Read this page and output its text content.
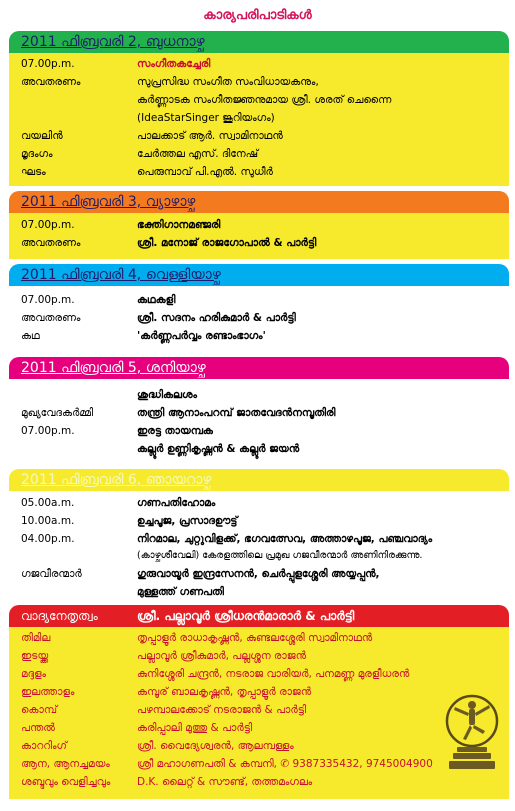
കാര്യപരിപാടികൾ
2011 ഫിബ്രവരി 2, ബുധനാഴ്ച
07.00p.m.	സംഗീതകച്ചേരി
അവതരണം	സുപ്രസിദ്ധ സംഗീത സംവിധായകനും,
കർണ്ണാടക സംഗീതജ്ഞനുമായ ശ്രീ. ശരത് ചെന്നൈ
(IdeaStarSinger ജൂറിയംഗം)
വയലിൻ	പാലക്കാട് ആർ. സ്വാമിനാഥൻ
മൃദംഗം	ചേർത്തല എസ്. ദിനേഷ്
ഘടം	പെരുമ്പാവ് പി.എൽ. സുധീർ
2011 ഫിബ്രവരി 3, വ്യാഴാഴ്ച
07.00p.m.	ഭക്തിഗാനമഞ്ജരി
അവതരണം	ശ്രീ. മനോജ് രാജഗോപാൽ & പാർട്ടി
2011 ഫിബ്രവരി 4, വെള്ളിയാഴ്ച
07.00p.m.	കഥകളി
അവതരണം	ശ്രീ. സദനം ഹരികുമാർ & പാർട്ടി
കഥ	'കർണ്ണപർവ്വം രണ്ടാംഭാഗം'
2011 ഫിബ്രവരി 5, ശനിയാഴ്ച
ശുദ്ധികലശം
മുഖ്യവേദകർമ്മി	തന്ത്രി ആനാംപറമ്പ് ജാതവേദൻനമ്പൂതിരി
07.00p.m.	ഇരട്ട തായമ്പക
കല്ലൂർ ഉണ്ണികൃഷ്ണൻ & കല്ലൂർ ജയൻ
2011 ഫിബ്രവരി 6, ഞായറാഴ്ച
05.00a.m.	ഗണപതിഹോമം
10.00a.m.	ഉച്ചപൂജ, പ്രസാദഊട്ട്
04.00p.m.	നിറമാല, ചുറ്റുവിളക്ക്, ഭഗവത്സേവ, അത്താഴപൂജ, പഞ്ചവാദ്യം
(കാഴ്ചശീവേലി) കേരളത്തിലെ പ്രമുഖ ഗജവീരന്മാർ അണിനിരക്കുന്നു.
ഗജവീരന്മാർ	ഗുരുവായൂർ ഇന്ദ്രസേനൻ, ചെർപ്പുളശ്ശേരി അയ്യപ്പൻ,
മുള്ളത്ത് ഗണപതി
വാദ്യനേതൃത്വം	ശ്രീ. പല്ലാവൂർ ശ്രീധരൻമാരാർ & പാർട്ടി
തിമില	തൃപ്പാളൂർ രാധാകൃഷ്ണൻ, കുണ്ടലശ്ശേരി സ്വാമിനാഥൻ
ഇടയ്ക്ക	പല്ലാവൂർ ശ്രീകുമാർ, പല്ലശ്ശന രാജൻ
മദ്ദളം	കുനിശ്ശേരി ചന്ദ്രൻ, നടരാജ വാരിയർ, പനമണ്ണ മുരളീധരൻ
ഇലത്താളം	കമ്പൂര് ബാലകൃഷ്ണൻ, തൃപ്പാളൂർ രാജൻ
കൊമ്പ്	പഴമ്പാലക്കോട് നടരാജൻ & പാർട്ടി
പന്തൽ	കരിപ്പാലി മുത്തു & പാർട്ടി
കാററിംഗ്	ശ്രീ. വൈദ്യേശ്വരൻ, ആലമ്പള്ളം
ആന, ആനച്ചമയം	ശ്രീ മഹാഗണപതി & കമ്പനി, ✆ 9387335432, 9745004900
ശബ്ദവും വെളിച്ചവും	D.K. ലൈറ്റ് & സൗണ്ട്, തത്തമംഗലം
